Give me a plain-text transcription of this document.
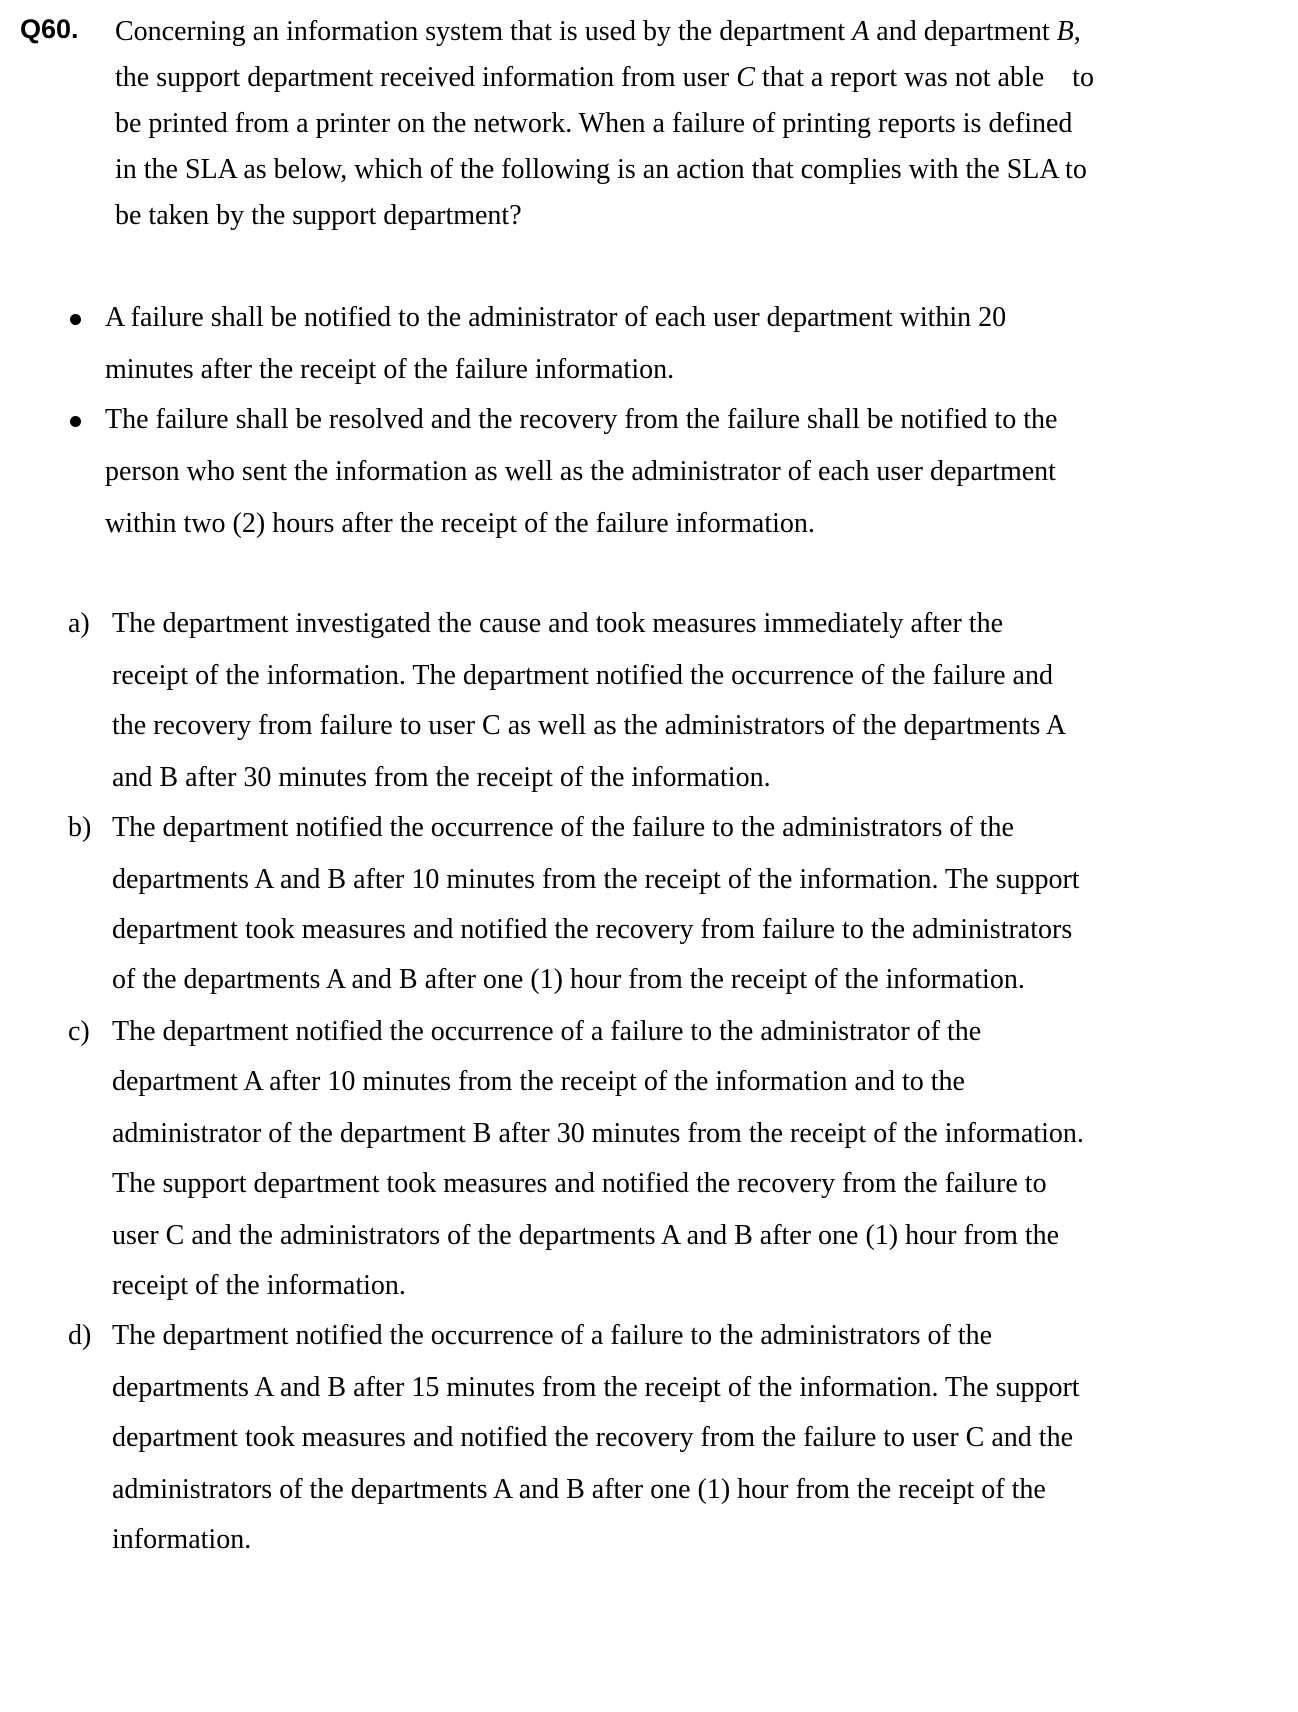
Q60. Concerning an information system that is used by the department A and department B,
the support department received information from user C that a report was not able    to
be printed from a printer on the network. When a failure of printing reports is defined
in the SLA as below, which of the following is an action that complies with the SLA to
be taken by the support department?
A failure shall be notified to the administrator of each user department within 20
minutes after the receipt of the failure information.
The failure shall be resolved and the recovery from the failure shall be notified to the
person who sent the information as well as the administrator of each user department
within two (2) hours after the receipt of the failure information.
a) The department investigated the cause and took measures immediately after the
receipt of the information. The department notified the occurrence of the failure and
the recovery from failure to user C as well as the administrators of the departments A
and B after 30 minutes from the receipt of the information.
b) The department notified the occurrence of the failure to the administrators of the
departments A and B after 10 minutes from the receipt of the information. The support
department took measures and notified the recovery from failure to the administrators
of the departments A and B after one (1) hour from the receipt of the information.
c) The department notified the occurrence of a failure to the administrator of the
department A after 10 minutes from the receipt of the information and to the
administrator of the department B after 30 minutes from the receipt of the information.
The support department took measures and notified the recovery from the failure to
user C and the administrators of the departments A and B after one (1) hour from the
receipt of the information.
d) The department notified the occurrence of a failure to the administrators of the
departments A and B after 15 minutes from the receipt of the information. The support
department took measures and notified the recovery from the failure to user C and the
administrators of the departments A and B after one (1) hour from the receipt of the
information.
